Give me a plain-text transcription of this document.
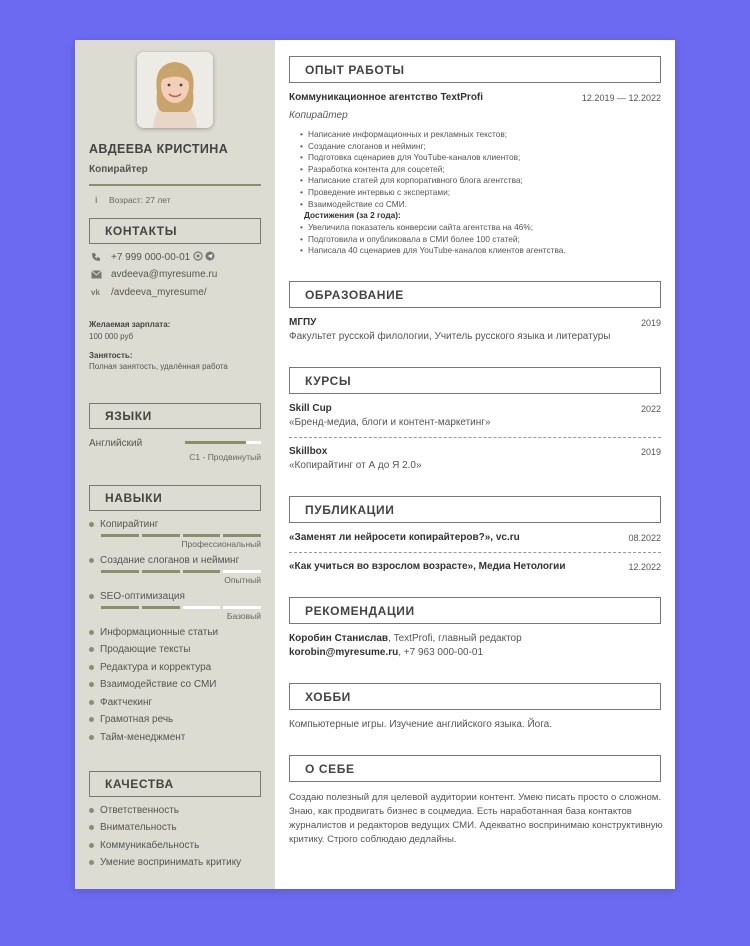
АВДЕЕВА КРИСТИНА
Копирайтер
i	Возраст: 27 лет
КОНТАКТЫ
+7 999 000-00-01
avdeeva@myresume.ru
vk	/avdeeva_myresume/
Желаемая зарплата:
100 000 руб
Занятость:
Полная занятость, удалённая работа
ЯЗЫКИ
Английский
C1 - Продвинутый
НАВЫКИ
Копирайтинг
Профессиональный
Создание слоганов и нейминг
Опытный
SEO-оптимизация
Базовый
Информационные статьи
Продающие тексты
Редактура и корректура
Взаимодействие со СМИ
Фактчекинг
Грамотная речь
Тайм-менеджмент
КАЧЕСТВА
Ответственность
Внимательность
Коммуникабельность
Умение воспринимать критику
ОПЫТ РАБОТЫ
Коммуникационное агентство TextProfi	12.2019 — 12.2022
Копирайтер
• Написание информационных и рекламных текстов;
• Создание слоганов и нейминг;
• Подготовка сценариев для YouTube-каналов клиентов;
• Разработка контента для соцсетей;
• Написание статей для корпоративного блога агентства;
• Проведение интервью с экспертами;
• Взаимодействие со СМИ.
Достижения (за 2 года):
• Увеличила показатель конверсии сайта агентства на 46%;
• Подготовила и опубликовала в СМИ более 100 статей;
• Написала 40 сценариев для YouTube-каналов клиентов агентства.
ОБРАЗОВАНИЕ
МГПУ	2019
Факультет русской филологии, Учитель русского языка и литературы
КУРСЫ
Skill Cup	2022
«Бренд-медиа, блоги и контент-маркетинг»
Skillbox	2019
«Копирайтинг от А до Я 2.0»
ПУБЛИКАЦИИ
«Заменят ли нейросети копирайтеров?», vc.ru	08.2022
«Как учиться во взрослом возрасте», Медиа Нетологии	12.2022
РЕКОМЕНДАЦИИ
Коробин Станислав, TextProfi, главный редактор
korobin@myresume.ru, +7 963 000-00-01
ХОББИ
Компьютерные игры. Изучение английского языка. Йога.
О СЕБЕ
Создаю полезный для целевой аудитории контент. Умею писать просто о сложном. Знаю, как продвигать бизнес в соцмедиа. Есть наработанная база контактов журналистов и редакторов ведущих СМИ. Адекватно воспринимаю конструктивную критику. Строго соблюдаю дедлайны.
